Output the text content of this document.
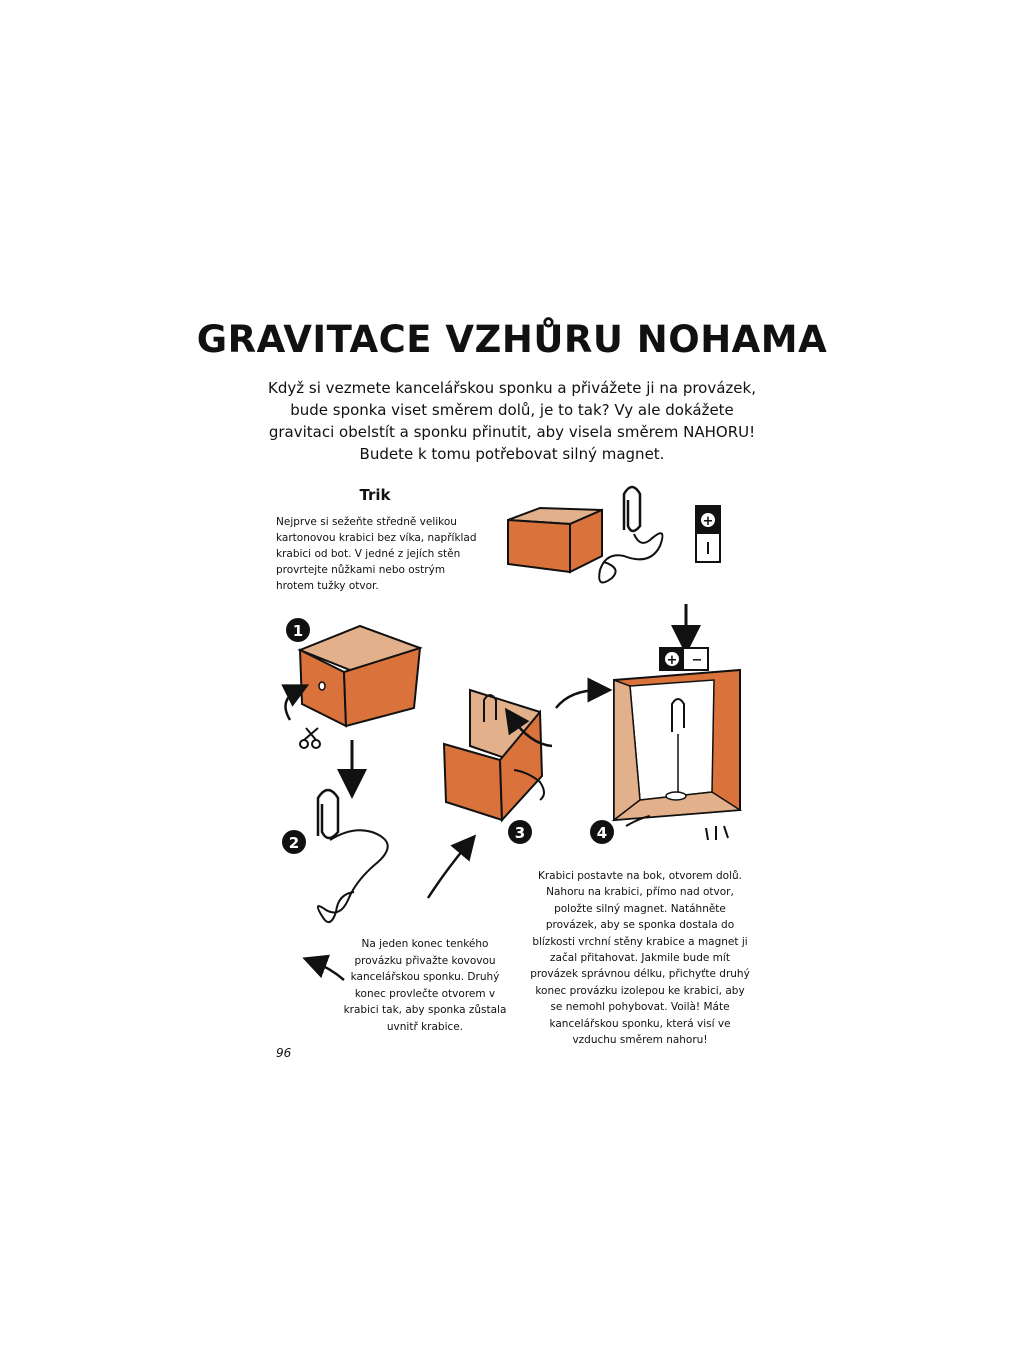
GRAVITACE VZHŮRU NOHAMA
Když si vezmete kancelářskou sponku a přivážete ji na provázek, bude sponka viset směrem dolů, je to tak? Vy ale dokážete gravitaci obelstít a sponku přinutit, aby visela směrem NAHORU! Budete k tomu potřebovat silný magnet.
Trik
Nejprve si sežeňte středně velikou kartonovou krabici bez víka, například krabici od bot. V jedné z jejích stěn provrtejte nůžkami nebo ostrým hrotem tužky otvor.
+
1
2
3
+ −
4
Na jeden konec tenkého provázku přivažte kovovou kancelářskou sponku. Druhý konec provlečte otvorem v krabici tak, aby sponka zůstala uvnitř krabice.
Krabici postavte na bok, otvorem dolů. Nahoru na krabici, přímo nad otvor, položte silný magnet. Natáhněte provázek, aby se sponka dostala do blízkosti vrchní stěny krabice a magnet ji začal přitahovat. Jakmile bude mít provázek správnou délku, přichyťte druhý konec provázku izolepou ke krabici, aby se nemohl pohybovat. Voilà! Máte kancelářskou sponku, která visí ve vzduchu směrem nahoru!
96
